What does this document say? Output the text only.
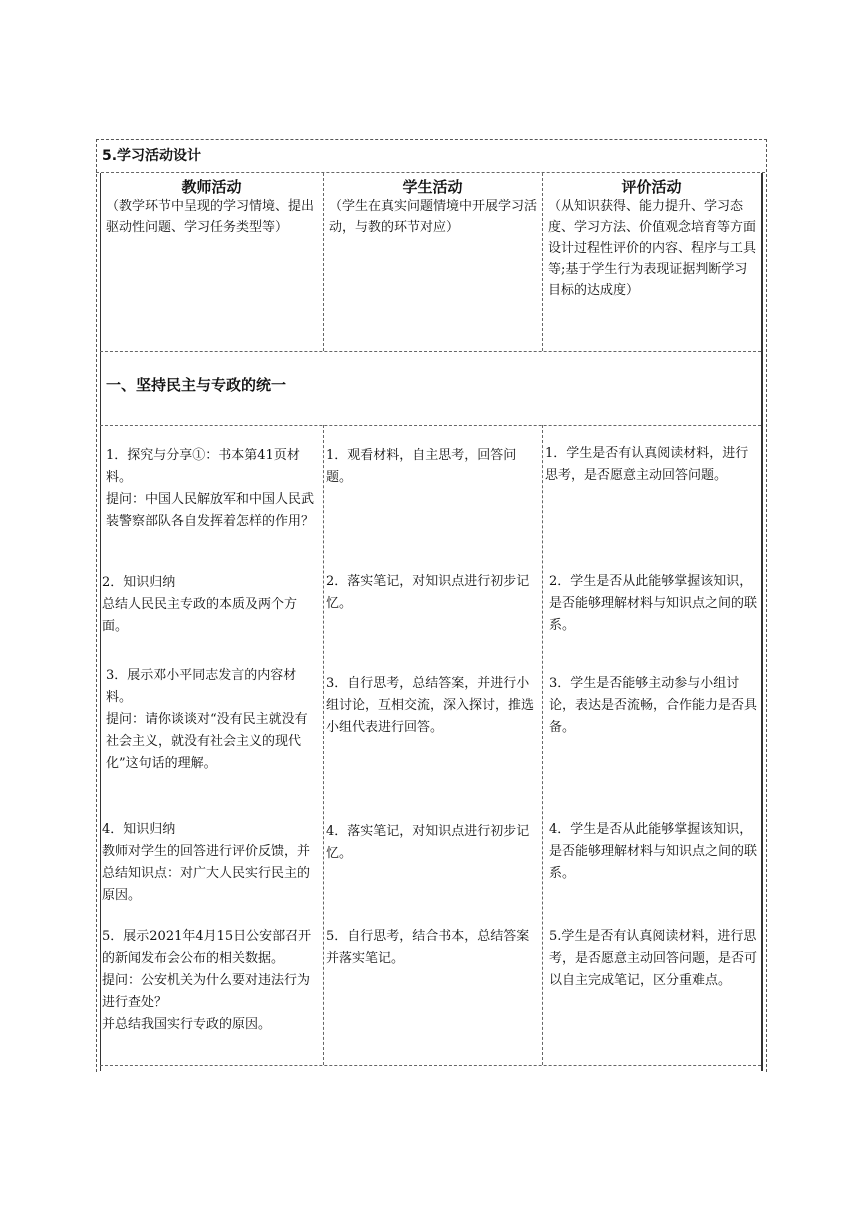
5.学习活动设计
教师活动
（教学环节中呈现的学习情境、提出驱动性问题、学习任务类型等）
学生活动
（学生在真实问题情境中开展学习活动，与教的环节对应）
评价活动
（从知识获得、能力提升、学习态度、学习方法、价值观念培育等方面设计过程性评价的内容、程序与工具等;基于学生行为表现证据判断学习目标的达成度）
一、坚持民主与专政的统一

1．探究与分享①：书本第41页材料。

提问：中国人民解放军和中国人民武装警察部队各自发挥着怎样的作用？

1．观看材料，自主思考，回答问题。

1．学生是否有认真阅读材料，进行思考，是否愿意主动回答问题。

2．知识归纳

总结人民民主专政的本质及两个方面。

2．落实笔记，对知识点进行初步记忆。

2．学生是否从此能够掌握该知识，是否能够理解材料与知识点之间的联系。

3．展示邓小平同志发言的内容材料。

提问：请你谈谈对“没有民主就没有社会主义，就没有社会主义的现代化”这句话的理解。

3．自行思考，总结答案，并进行小组讨论，互相交流，深入探讨，推选小组代表进行回答。

3．学生是否能够主动参与小组讨论，表达是否流畅，合作能力是否具备。

4．知识归纳

教师对学生的回答进行评价反馈，并总结知识点：对广大人民实行民主的原因。

4．落实笔记，对知识点进行初步记忆。

4．学生是否从此能够掌握该知识，是否能够理解材料与知识点之间的联系。

5．展示2021年4月15日公安部召开的新闻发布会公布的相关数据。

提问：公安机关为什么要对违法行为进行查处？

并总结我国实行专政的原因。

5．自行思考，结合书本，总结答案并落实笔记。

5.学生是否有认真阅读材料，进行思考，是否愿意主动回答问题，是否可以自主完成笔记，区分重难点。
